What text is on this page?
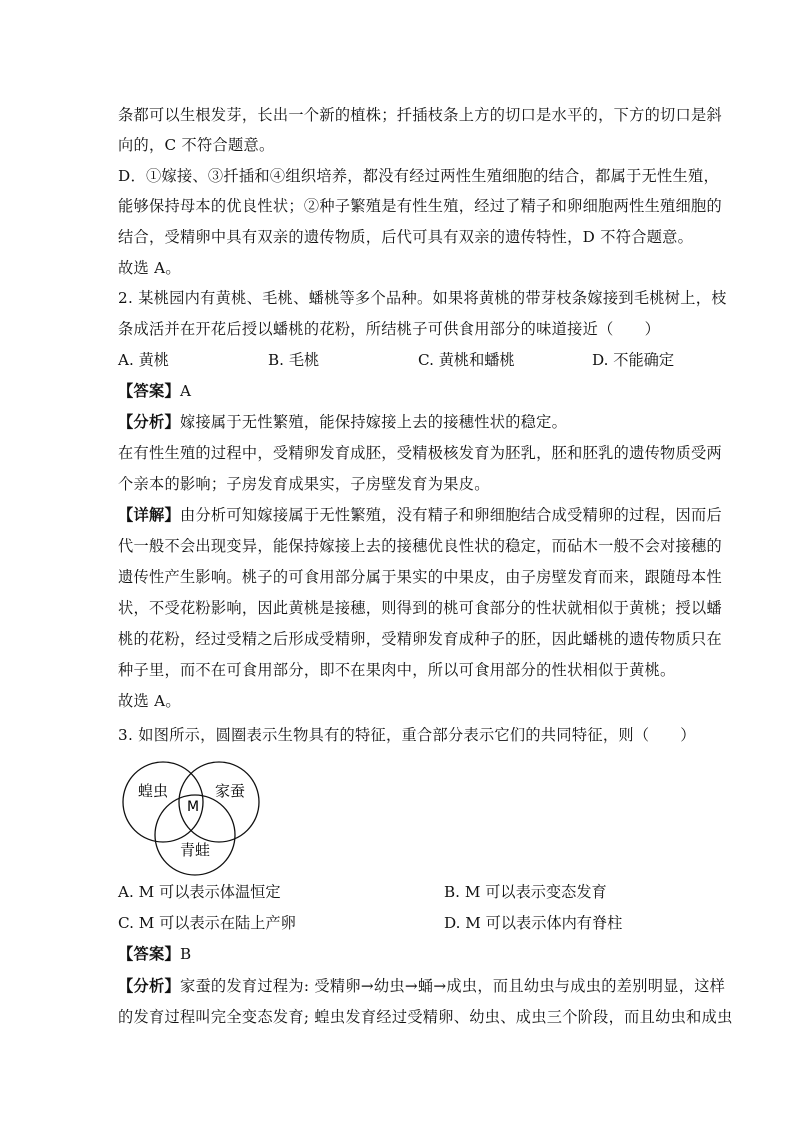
条都可以生根发芽，长出一个新的植株；扦插枝条上方的切口是水平的，下方的切口是斜
向的，C 不符合题意。
D．①嫁接、③扦插和④组织培养，都没有经过两性生殖细胞的结合，都属于无性生殖，
能够保持母本的优良性状；②种子繁殖是有性生殖，经过了精子和卵细胞两性生殖细胞的
结合，受精卵中具有双亲的遗传物质，后代可具有双亲的遗传特性，D 不符合题意。
故选 A。
2. 某桃园内有黄桃、毛桃、蟠桃等多个品种。如果将黄桃的带芽枝条嫁接到毛桃树上，枝
条成活并在开花后授以蟠桃的花粉，所结桃子可供食用部分的味道接近（　　）
A. 黄桃	B. 毛桃	C. 黄桃和蟠桃	D. 不能确定
【答案】A
【分析】嫁接属于无性繁殖，能保持嫁接上去的接穗性状的稳定。
在有性生殖的过程中，受精卵发育成胚，受精极核发育为胚乳，胚和胚乳的遗传物质受两
个亲本的影响；子房发育成果实，子房壁发育为果皮。
【详解】由分析可知嫁接属于无性繁殖，没有精子和卵细胞结合成受精卵的过程，因而后
代一般不会出现变异，能保持嫁接上去的接穗优良性状的稳定，而砧木一般不会对接穗的
遗传性产生影响。桃子的可食用部分属于果实的中果皮，由子房壁发育而来，跟随母本性
状，不受花粉影响，因此黄桃是接穗，则得到的桃可食部分的性状就相似于黄桃；授以蟠
桃的花粉，经过受精之后形成受精卵，受精卵发育成种子的胚，因此蟠桃的遗传物质只在
种子里，而不在可食用部分，即不在果肉中，所以可食用部分的性状相似于黄桃。
故选 A。
3. 如图所示，圆圈表示生物具有的特征，重合部分表示它们的共同特征，则（　　）
蝗虫	家蚕
青蛙
M
A. M 可以表示体温恒定	B. M 可以表示变态发育
C. M 可以表示在陆上产卵	D. M 可以表示体内有脊柱
【答案】B
【分析】家蚕的发育过程为: 受精卵→幼虫→蛹→成虫，而且幼虫与成虫的差别明显，这样
的发育过程叫完全变态发育; 蝗虫发育经过受精卵、幼虫、成虫三个阶段，而且幼虫和成虫
